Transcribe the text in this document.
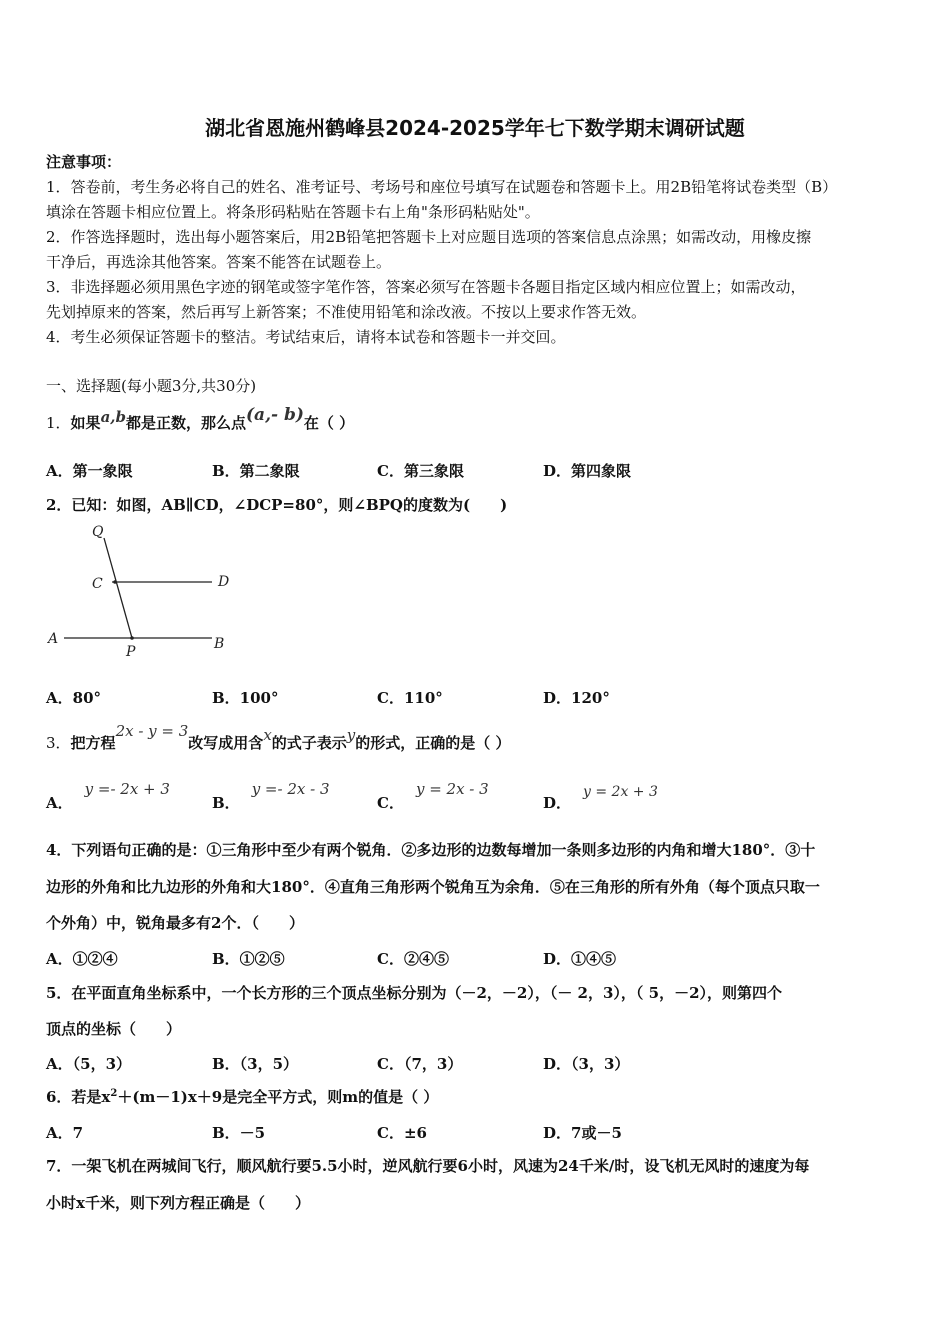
湖北省恩施州鹤峰县2024-2025学年七下数学期末调研试题
注意事项：
1．答卷前，考生务必将自己的姓名、准考证号、考场号和座位号填写在试题卷和答题卡上。用2B铅笔将试卷类型（B）
填涂在答题卡相应位置上。将条形码粘贴在答题卡右上角"条形码粘贴处"。
2．作答选择题时，选出每小题答案后，用2B铅笔把答题卡上对应题目选项的答案信息点涂黑；如需改动，用橡皮擦
干净后，再选涂其他答案。答案不能答在试题卷上。
3．非选择题必须用黑色字迹的钢笔或签字笔作答，答案必须写在答题卡各题目指定区域内相应位置上；如需改动，
先划掉原来的答案，然后再写上新答案；不准使用铅笔和涂改液。不按以上要求作答无效。
4．考生必须保证答题卡的整洁。考试结束后，请将本试卷和答题卡一并交回。
一、选择题(每小题3分,共30分)
1．如果a,b都是正数，那么点(a,- b)在（ ）
A．第一象限	B．第二象限	C．第三象限	D．第四象限
2．已知：如图，AB∥CD，∠DCP=80°，则∠BPQ的度数为(　　)
Q
C	D
A
P	B
A．80°	B．100°	C．110°	D．120°
3．把方程2x - y = 3改写成用含x的式子表示y的形式，正确的是（ ）
A．y =- 2x + 3
B．y =- 2x - 3
C．y = 2x - 3
D．y = 2x + 3
4．下列语句正确的是：①三角形中至少有两个锐角．②多边形的边数每增加一条则多边形的内角和增大180°．③十
边形的外角和比九边形的外角和大180°．④直角三角形两个锐角互为余角．⑤在三角形的所有外角（每个顶点只取一
个外角）中，锐角最多有2个．（　　）
A．①②④	B．①②⑤	C．②④⑤	D．①④⑤
5．在平面直角坐标系中，一个长方形的三个顶点坐标分别为（－2，－2），（－ 2，3），（ 5，－2），则第四个
顶点的坐标（　　）
A．（5，3）	B．（3，5）	C．（7，3）	D．（3，3）
6．若是$x^2+(m-1)x+9$是完全平方式，则m的值是（ ）
A．7	B．－5	C．±6	D．7或－5
7．一架飞机在两城间飞行，顺风航行要5.5小时，逆风航行要6小时，风速为24千米/时，设飞机无风时的速度为每
小时x千米，则下列方程正确是（　　）
